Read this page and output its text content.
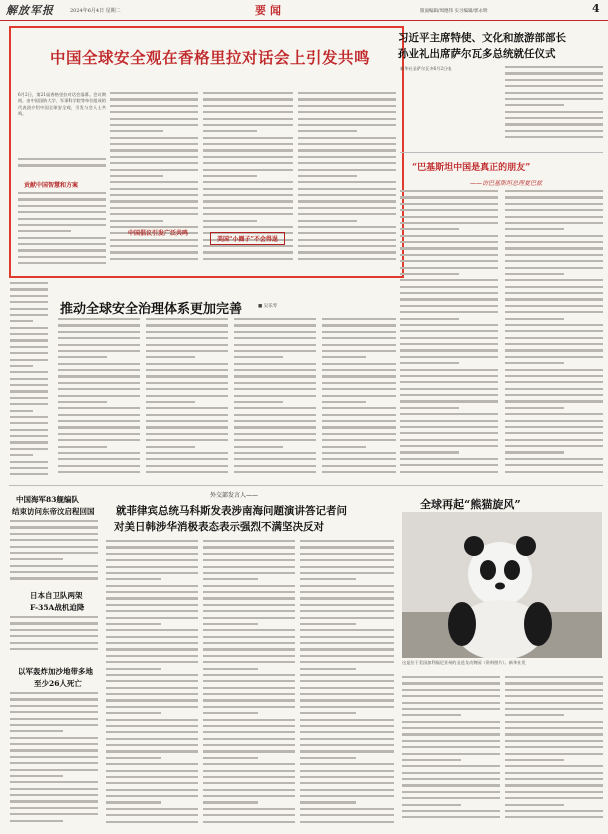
解放军报	2024年6月4日 星期二	要闻	版面编辑/周德伟 实习编辑/郭永明	4
中国全球安全观在香格里拉对话会上引发共鸣
6月2日，第21届香格里拉对话会落幕。会议期间，由中国国防大学、军事科学院等单位组成的代表团介绍中国全球安全观，引发与会人士共鸣。
贡献中国智慧和方案
中国倡议引发广泛共鸣
美国“小圈子”不会得逞
习近平主席特使、文化和旅游部部长
孙业礼出席萨尔瓦多总统就任仪式
新华社圣萨尔瓦多6月2日电
“巴基斯坦中国是真正的朋友”
——访巴基斯坦总理夏巴兹
推动全球安全治理体系更加完善	■ 吴乐琴
中国海军83舰编队
结束访问东帝汶启程回国
日本自卫队两架
F-35A战机迫降
以军轰炸加沙地带多地
至少26人死亡
外交部发言人——
就菲律宾总统马科斯发表涉南海问题演讲答记者问
对美日韩涉华消极表态表示强烈不满坚决反对
全球再起“熊猫旋风”
这是位于美国加利福尼亚州的圣迭戈动物园（资料照片）。新华社发
